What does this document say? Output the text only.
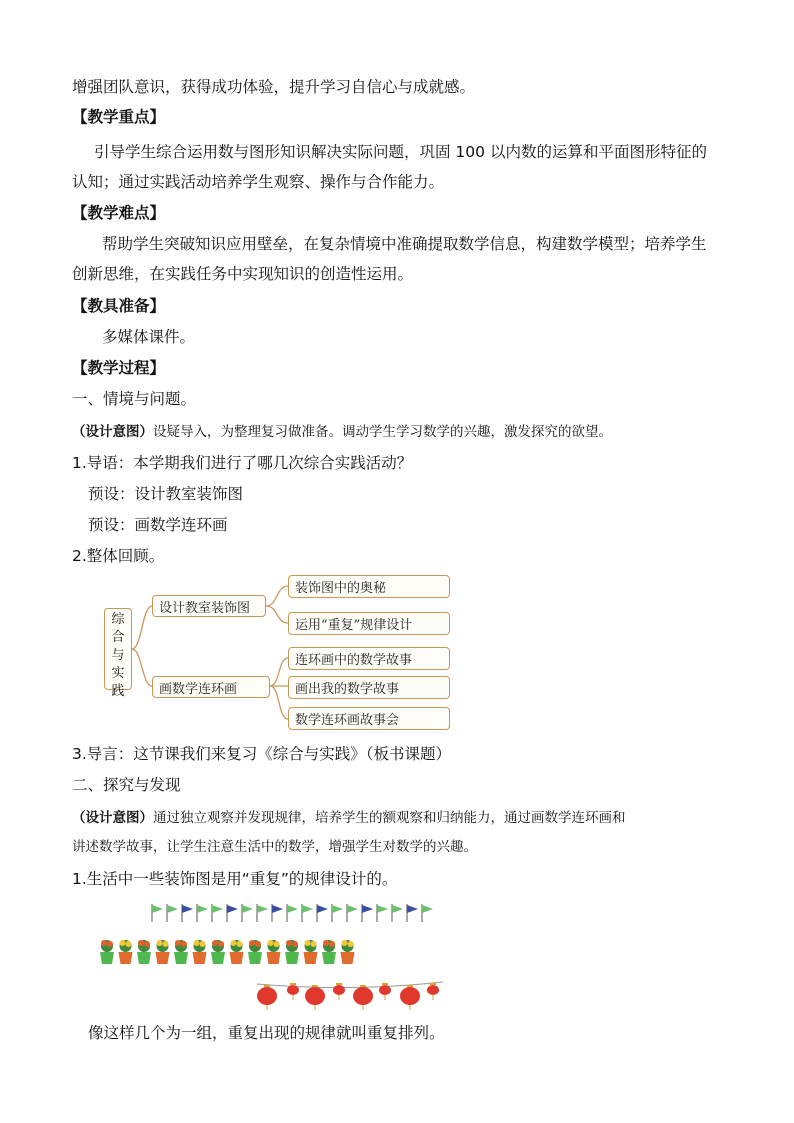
增强团队意识，获得成功体验，提升学习自信心与成就感。
【教学重点】
引导学生综合运用数与图形知识解决实际问题，巩固 100 以内数的运算和平面图形特征的
认知；通过实践活动培养学生观察、操作与合作能力。
【教学难点】
帮助学生突破知识应用壁垒，在复杂情境中准确提取数学信息，构建数学模型；培养学生
创新思维，在实践任务中实现知识的创造性运用。
【教具准备】
多媒体课件。
【教学过程】
一、情境与问题。
（设计意图）设疑导入，为整理复习做准备。调动学生学习数学的兴趣，激发探究的欲望。
1.导语：本学期我们进行了哪几次综合实践活动？
预设：设计教室装饰图
预设：画数学连环画
2.整体回顾。
综
合
与
实
践
设计教室装饰图
画数学连环画
装饰图中的奥秘
运用“重复”规律设计
连环画中的数学故事
画出我的数学故事
数学连环画故事会
3.导言：这节课我们来复习《综合与实践》（板书课题）
二、探究与发现
（设计意图）通过独立观察并发现规律，培养学生的额观察和归纳能力，通过画数学连环画和
讲述数学故事，让学生注意生活中的数学，增强学生对数学的兴趣。
1.生活中一些装饰图是用“重复”的规律设计的。
像这样几个为一组，重复出现的规律就叫重复排列。
